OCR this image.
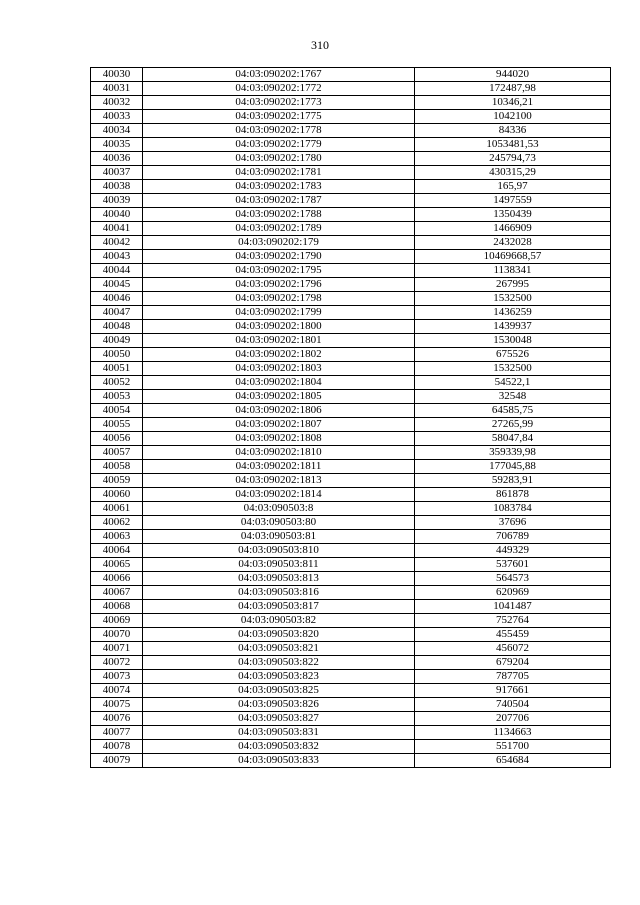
310
40030	04:03:090202:1767	944020
40031	04:03:090202:1772	172487,98
40032	04:03:090202:1773	10346,21
40033	04:03:090202:1775	1042100
40034	04:03:090202:1778	84336
40035	04:03:090202:1779	1053481,53
40036	04:03:090202:1780	245794,73
40037	04:03:090202:1781	430315,29
40038	04:03:090202:1783	165,97
40039	04:03:090202:1787	1497559
40040	04:03:090202:1788	1350439
40041	04:03:090202:1789	1466909
40042	04:03:090202:179	2432028
40043	04:03:090202:1790	10469668,57
40044	04:03:090202:1795	1138341
40045	04:03:090202:1796	267995
40046	04:03:090202:1798	1532500
40047	04:03:090202:1799	1436259
40048	04:03:090202:1800	1439937
40049	04:03:090202:1801	1530048
40050	04:03:090202:1802	675526
40051	04:03:090202:1803	1532500
40052	04:03:090202:1804	54522,1
40053	04:03:090202:1805	32548
40054	04:03:090202:1806	64585,75
40055	04:03:090202:1807	27265,99
40056	04:03:090202:1808	58047,84
40057	04:03:090202:1810	359339,98
40058	04:03:090202:1811	177045,88
40059	04:03:090202:1813	59283,91
40060	04:03:090202:1814	861878
40061	04:03:090503:8	1083784
40062	04:03:090503:80	37696
40063	04:03:090503:81	706789
40064	04:03:090503:810	449329
40065	04:03:090503:811	537601
40066	04:03:090503:813	564573
40067	04:03:090503:816	620969
40068	04:03:090503:817	1041487
40069	04:03:090503:82	752764
40070	04:03:090503:820	455459
40071	04:03:090503:821	456072
40072	04:03:090503:822	679204
40073	04:03:090503:823	787705
40074	04:03:090503:825	917661
40075	04:03:090503:826	740504
40076	04:03:090503:827	207706
40077	04:03:090503:831	1134663
40078	04:03:090503:832	551700
40079	04:03:090503:833	654684
